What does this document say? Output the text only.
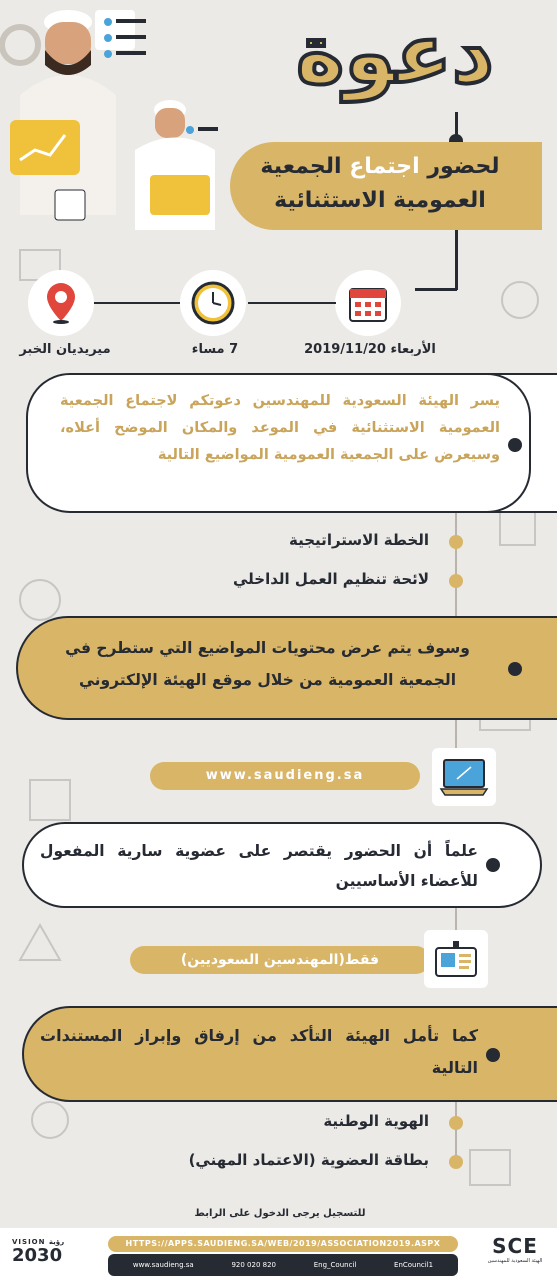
دعوة
لحضور اجتماع الجمعية
العمومية الاستثنائية
الأربعاء 2019/11/20
7 مساء
ميريديان الخبر
يسر الهيئة السعودية للمهندسين دعوتكم لاجتماع الجمعية العمومية الاستثنائية في الموعد والمكان الموضح أعلاه، وسيعرض على الجمعية العمومية المواضيع التالية
الخطة الاستراتيجية
لائحة تنظيم العمل الداخلي
وسوف يتم عرض محتويات المواضيع التي ستطرح في الجمعية العمومية من خلال موقع الهيئة الإلكتروني
www.saudieng.sa
علماً أن الحضور يقتصر على عضوية سارية المفعول للأعضاء الأساسيين
فقط(المهندسين السعوديين)
كما تأمل الهيئة التأكد من إرفاق وإبراز المستندات التالية
الهوية الوطنية
بطاقة العضوية (الاعتماد المهني)
للتسجيل يرجى الدخول على الرابط
VISION رؤية
2030
HTTPS://APPS.SAUDIENG.SA/WEB/2019/ASSOCIATION2019.ASPX
www.saudieng.sa	920 020 820	Eng_Council	EnCouncil1
SCE
الهيئة السعودية للمهندسين
